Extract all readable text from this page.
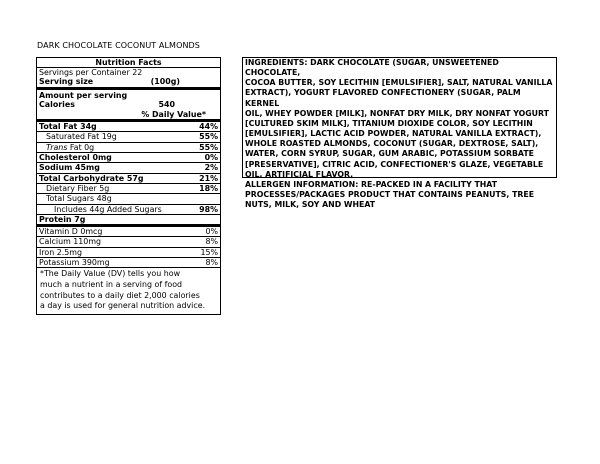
DARK CHOCOLATE COCONUT ALMONDS
Nutrition Facts
Servings per Container 22
Serving size	(100g)
Amount per serving
Calories	540
% Daily Value*
Total Fat 34g	44%
Saturated Fat 19g	55%
Trans Fat 0g	55%
Cholesterol 0mg	0%
Sodium 45mg	2%
Total Carbohydrate 57g	21%
Dietary Fiber 5g	18%
Total Sugars 48g
Includes 44g Added Sugars	98%
Protein 7g
Vitamin D 0mcg	0%
Calcium 110mg	8%
Iron 2.5mg	15%
Potassium 390mg	8%
*The Daily Value (DV) tells you how
much a nutrient in a serving of food
contributes to a daily diet 2,000 calories
a day is used for general nutrition advice.
INGREDIENTS: DARK CHOCOLATE (SUGAR, UNSWEETENED CHOCOLATE,
COCOA BUTTER, SOY LECITHIN [EMULSIFIER], SALT, NATURAL VANILLA
EXTRACT), YOGURT FLAVORED CONFECTIONERY (SUGAR, PALM KERNEL
OIL, WHEY POWDER [MILK], NONFAT DRY MILK, DRY NONFAT YOGURT
[CULTURED SKIM MILK], TITANIUM DIOXIDE COLOR, SOY LECITHIN
[EMULSIFIER], LACTIC ACID POWDER, NATURAL VANILLA EXTRACT),
WHOLE ROASTED ALMONDS, COCONUT (SUGAR, DEXTROSE, SALT),
WATER, CORN SYRUP, SUGAR, GUM ARABIC, POTASSIUM SORBATE
[PRESERVATIVE], CITRIC ACID, CONFECTIONER'S GLAZE, VEGETABLE
OIL, ARTIFICIAL FLAVOR.
ALLERGEN INFORMATION: RE-PACKED IN A FACILITY THAT
PROCESSES/PACKAGES PRODUCT THAT CONTAINS PEANUTS, TREE
NUTS, MILK, SOY AND WHEAT
